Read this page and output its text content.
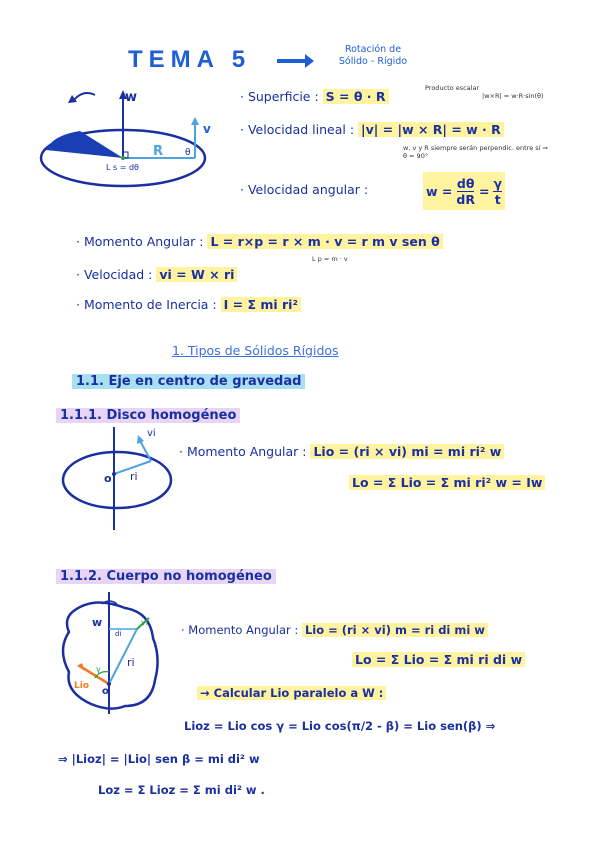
TEMA 5	Rotación de
Sólido - Rígido
w
v
R θ
L s = dθ
· Superficie : S = θ · R
Producto escalar
|w×R| = w·R·sin(θ)
· Velocidad lineal : |v| = |w × R| = w · R
w, v y R siempre serán perpendic. entre sí ⇒ θ = 90°
· Velocidad angular :	$w = \frac{d\theta}{dR} = \frac{\gamma}{t}$
· Momento Angular : L = r×p = r × m · v = r m v sen θ
L p = m · v
· Velocidad : vi = W × ri
· Momento de Inercia : I = Σ mi ri²
1. Tipos de Sólidos Rígidos
1.1. Eje en centro de gravedad
1.1.1. Disco homogéneo
vi
ri
o
· Momento Angular : Lio = (ri × vi) mi = mi ri² w
Lo = Σ Lio = Σ mi ri² w = Iw
1.1.2. Cuerpo no homogéneo
w	vi
di
ri
γ
Lio o
· Momento Angular : Lio = (ri × vi) m = ri di mi w
Lo = Σ Lio = Σ mi ri di w
→ Calcular Lio paralelo a W :
Lioz = Lio cos γ = Lio cos(π/2 - β) = Lio sen(β) ⇒
⇒ |Lioz| = |Lio| sen β = mi di² w
Loz = Σ Lioz = Σ mi di² w .
